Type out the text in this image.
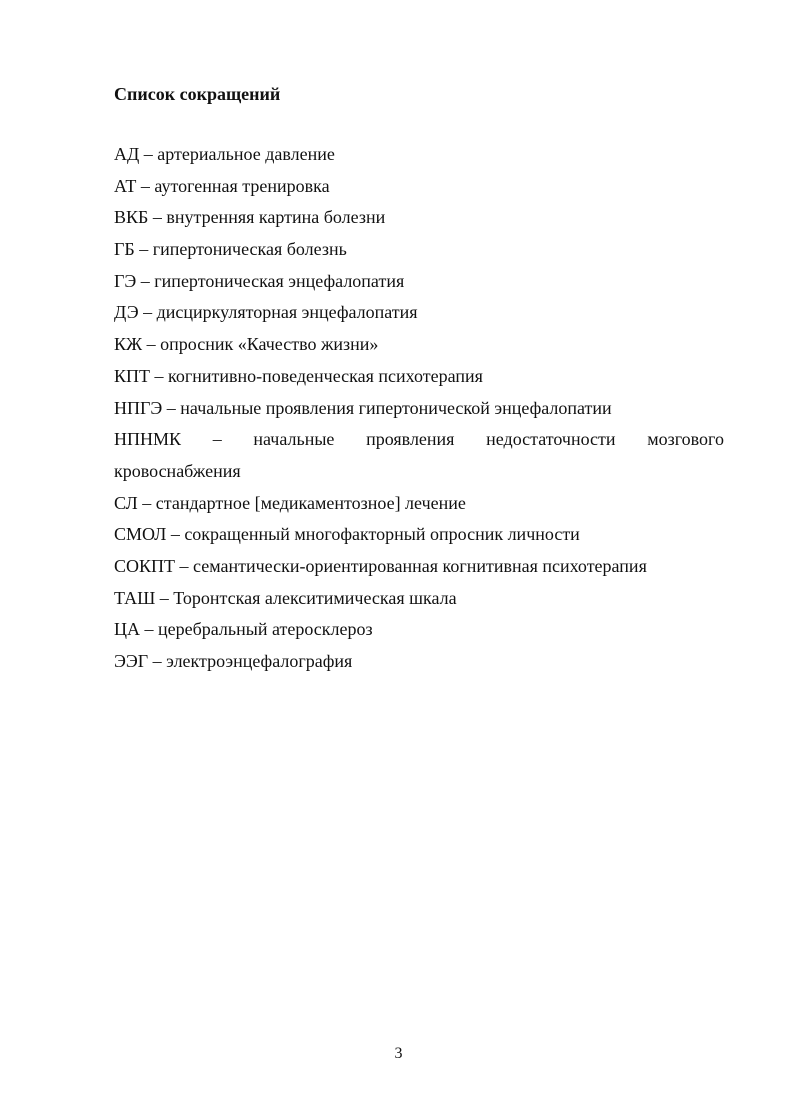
Список сокращений
АД – артериальное давление
АТ – аутогенная тренировка
ВКБ – внутренняя картина болезни
ГБ – гипертоническая болезнь
ГЭ – гипертоническая энцефалопатия
ДЭ – дисциркуляторная энцефалопатия
КЖ – опросник «Качество жизни»
КПТ – когнитивно-поведенческая психотерапия
НПГЭ – начальные проявления гипертонической энцефалопатии
НПНМК – начальные проявления недостаточности мозгового
кровоснабжения
СЛ – стандартное [медикаментозное] лечение
СМОЛ – сокращенный многофакторный опросник личности
СОКПТ – семантически-ориентированная когнитивная психотерапия
ТАШ – Торонтская алекситимическая шкала
ЦА – церебральный атеросклероз
ЭЭГ – электроэнцефалография
3
